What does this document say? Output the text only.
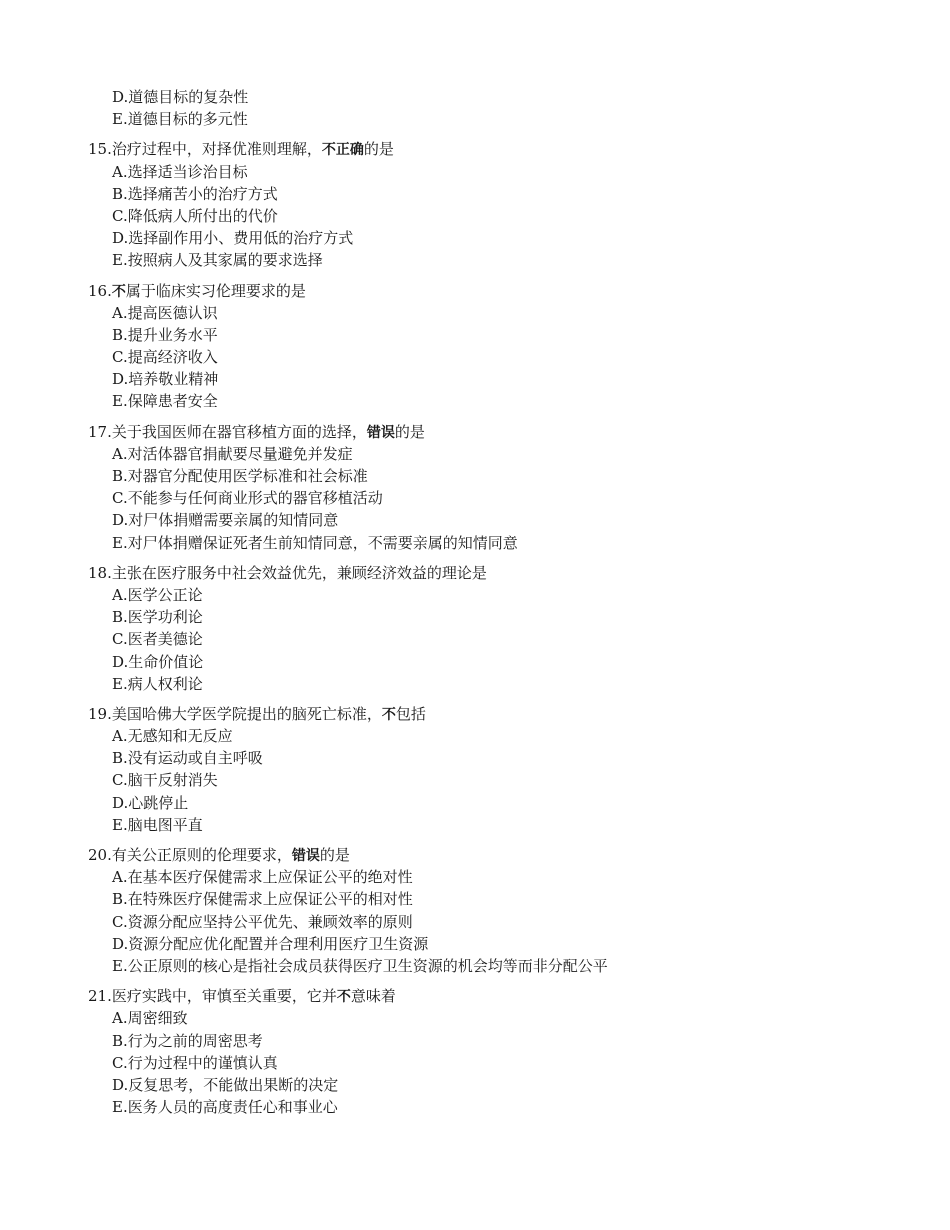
D.道德目标的复杂性
E.道德目标的多元性
15.治疗过程中，对择优准则理解，不正确的是
A.选择适当诊治目标
B.选择痛苦小的治疗方式
C.降低病人所付出的代价
D.选择副作用小、费用低的治疗方式
E.按照病人及其家属的要求选择
16.不属于临床实习伦理要求的是
A.提高医德认识
B.提升业务水平
C.提高经济收入
D.培养敬业精神
E.保障患者安全
17.关于我国医师在器官移植方面的选择，错误的是
A.对活体器官捐献要尽量避免并发症
B.对器官分配使用医学标准和社会标准
C.不能参与任何商业形式的器官移植活动
D.对尸体捐赠需要亲属的知情同意
E.对尸体捐赠保证死者生前知情同意，不需要亲属的知情同意
18.主张在医疗服务中社会效益优先，兼顾经济效益的理论是
A.医学公正论
B.医学功利论
C.医者美德论
D.生命价值论
E.病人权利论
19.美国哈佛大学医学院提出的脑死亡标准，不包括
A.无感知和无反应
B.没有运动或自主呼吸
C.脑干反射消失
D.心跳停止
E.脑电图平直
20.有关公正原则的伦理要求，错误的是
A.在基本医疗保健需求上应保证公平的绝对性
B.在特殊医疗保健需求上应保证公平的相对性
C.资源分配应坚持公平优先、兼顾效率的原则
D.资源分配应优化配置并合理利用医疗卫生资源
E.公正原则的核心是指社会成员获得医疗卫生资源的机会均等而非分配公平
21.医疗实践中，审慎至关重要，它并不意味着
A.周密细致
B.行为之前的周密思考
C.行为过程中的谨慎认真
D.反复思考，不能做出果断的决定
E.医务人员的高度责任心和事业心
